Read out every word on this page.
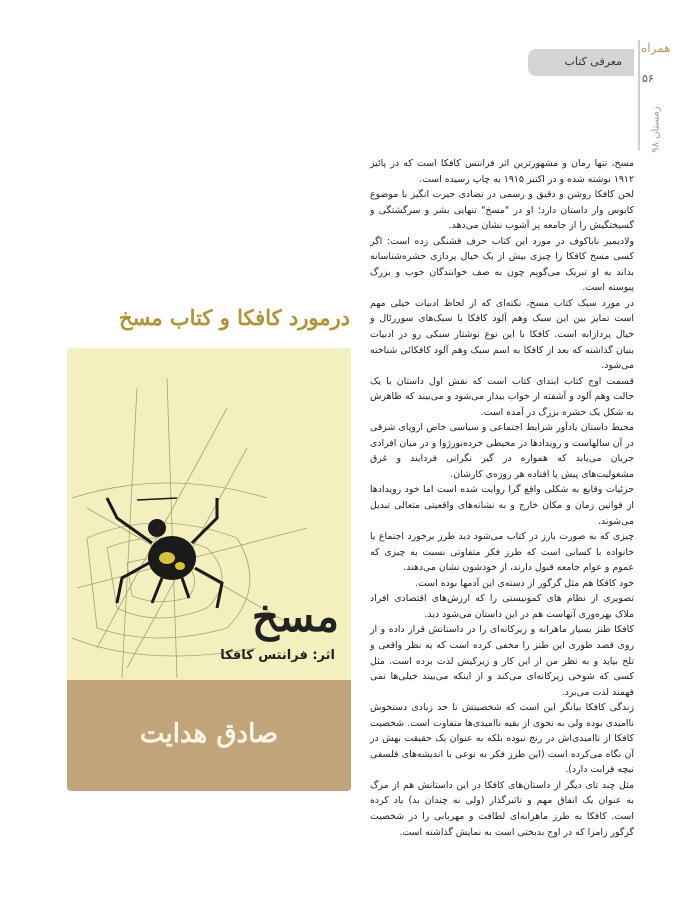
معرفی کتاب
همراه
۵۶
زمستان ۹۸
درمورد کافکا و کتاب مسخ
مسخ
اثر: فرانتس کافکا
صادق هدایت

مسخ، تنها رمان و مشهورترین اثر فرانتس کافکا است که در پائیز ۱۹۱۲ نوشته شده و در اکتبر ۱۹۱۵ به چاپ رسیده است.

لحن کافکا روشن و دقیق و رسمی در تضادی حیرت انگیز با موضوع کابوس وار داستان دارد؛ او در "مسخ" تنهایی بشر و سرگشتگی و گسیختگیش را از جامعه پر آشوب نشان می‌دهد.

ولادیمیر ناباکوف در مورد این کتاب حرف قشنگی زده است: اگر کسی مسخ کافکا را چیزی بیش از یک خیال پردازی حشره‌شناسانه بداند به او تبریک می‌گویم چون به صف خوانندگان خوب و بزرگ پیوسته است.

در مورد سبک کتاب مسخ، نکته‌ای که از لحاظ ادبیات خیلی مهم است تمایز بین این سبک وهم آلود کافکا با سبک‌های سوررئال و خیال پردازانه است. کافکا با این نوع نوشتار سبکی رو در ادبیات بنیان گذاشته که بعد از کافکا به اسم سبک وهم آلود کافکائی شناخته می‌شود.

قسمت اوج کتاب ابتدای کتاب است که نقش اول داستان با یک حالت وهم آلود و آشفته از خواب بیدار می‌شود و می‌بیند که ظاهرش به شکل یک حشره بزرگ در آمده است.

محیط داستان یادآور شرایط اجتماعی و سیاسی خاص اروپای شرقی در آن سالهاست و رویدادها در محیطی خرده‌بورژوا و در میان افرادی جریان می‌یابد که همواره در گیر نگرانی فردایند و غرق مشغولیت‌های پیش پا افتاده هر روزه‌ی کارشان.

جزئیات وقایع به شکلی واقع گرا روایت شده است اما خود رویدادها از قوانین زمان و مکان خارج و به نشانه‌های واقعیتی متعالی تبدیل می‌شوند.

چیزی که به صورت بارز در کتاب می‌شود دید طرز برخورد اجتماع یا خانواده با کسانی است که طرز فکر متفاوتی نسبت به چیزی که عموم و عوام جامعه قبول دارند، از خودشون نشان می‌دهند.

خود کافکا هم مثل گرگور از دسته‌ی این آدمها بوده است.

تصویری از نظام های کمونیستی را که ارزش‌های اقتصادی افراد ملاک بهره‌وری آنهاست هم در این داستان می‌شود دید.

کافکا طنز بسیار ماهرانه و زیرکانه‌ای را در داستانش قرار داده و از روی قصد طوری این طنز را مخفی کرده است که به نظر واقعی و تلخ بیاید و به نظر من از این کار و زیرکیش لذت برده است. مثل کسی که شوخی زیرکانه‌ای می‌کند و از اینکه می‌بیند خیلی‌ها نمی فهمند لذت می‌برد.

زندگی کافکا بیانگر این است که شخصیتش تا حد زیادی دستخوش ناامیدی بوده ولی به نحوی از بقیه ناامیدی‌ها متفاوت است. شخصیت کافکا از ناامیدی‌اش در رنج نبوده بلکه به عنوان یک حقیقت بهش در آن نگاه می‌کرده است (این طرز فکر به نوعی با اندیشه‌های فلسفی نیچه قرابت دارد).

مثل چند تای دیگر از داستان‌های کافکا در این داستانش هم از مرگ به عنوان یک اتفاق مهم و تاثیرگذار (ولی نه چندان بد) یاد کرده است. کافکا به طرز ماهرانه‌ای لطافت و مهربانی را در شخصیت گرگور زامزا که در اوج بدبختی است به نمایش گذاشته است.
